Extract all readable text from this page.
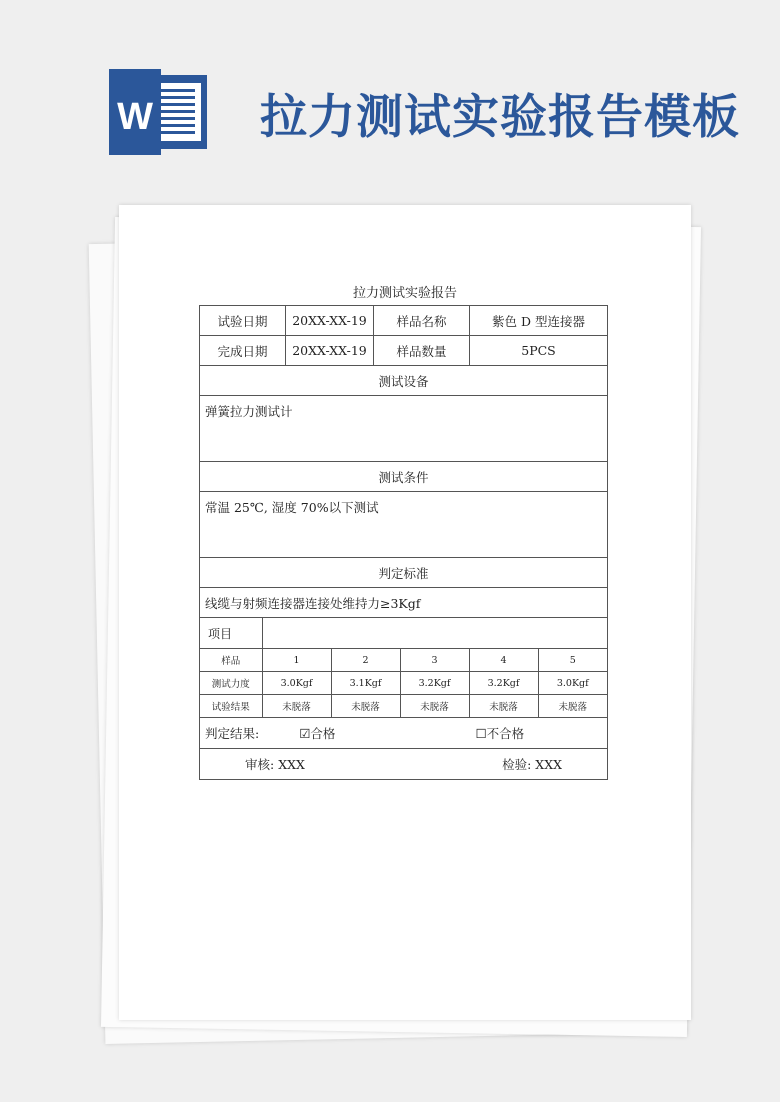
W 拉力测试实验报告模板
拉力测试实验报告
试验日期	20XX-XX-19	样品名称	紫色 D 型连接器
完成日期	20XX-XX-19	样品数量	5PCS
测试设备
弹簧拉力测试计
测试条件
常温 25℃, 湿度 70%以下测试
判定标准
线缆与射频连接器连接处维持力≥3Kgf

项目	
样品	1	2	3	4	5
测试力度	3.0Kgf	3.1Kgf	3.2Kgf	3.2Kgf	3.0Kgf
试验结果	未脱落	未脱落	未脱落	未脱落	未脱落

判定结果:	☑合格	☐不合格

审核: XXX	检验: XXX
